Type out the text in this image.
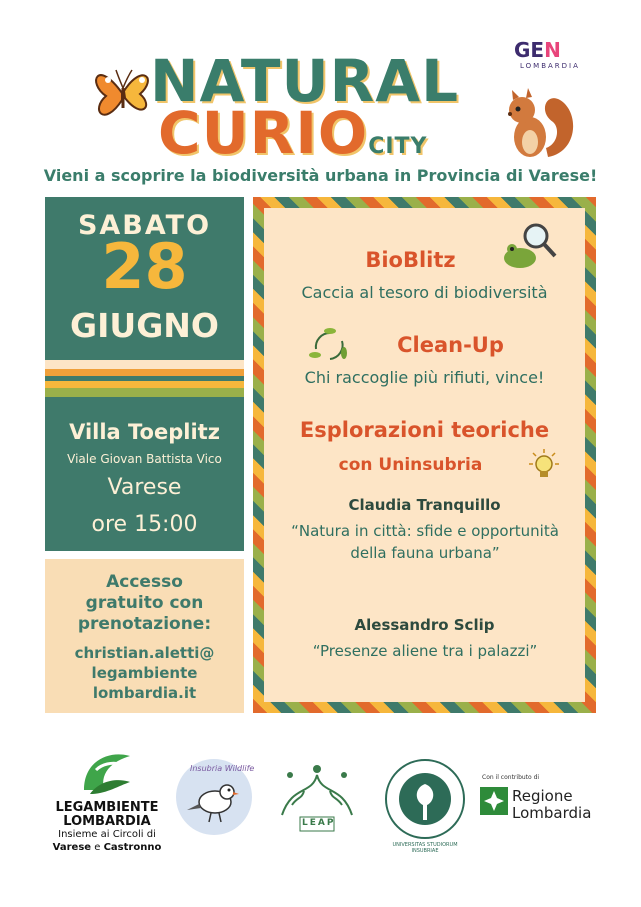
NATURAL
CURIOCITY
GEN
LOMBARDIA
Vieni a scoprire la biodiversità urbana in Provincia di Varese!
SABATO
28
GIUGNO
Villa Toeplitz
Viale Giovan Battista Vico
Varese
ore 15:00
Accesso
gratuito con
prenotazione:
christian.aletti@
legambiente
lombardia.it
BioBlitz
Caccia al tesoro di biodiversità
Clean-Up
Chi raccoglie più rifiuti, vince!
Esplorazioni teoriche
con Uninsubria
Claudia Tranquillo
“Natura in città: sfide e opportunità della fauna urbana”
Alessandro Sclip
“Presenze aliene tra i palazzi”
LEGAMBIENTE
LOMBARDIA
Insieme ai Circoli di
Varese e Castronno
Insubria Wildlife
LEAP
UNIVERSITAS STUDIORUM INSUBRIAE
Con il contributo di
Regione
Lombardia
